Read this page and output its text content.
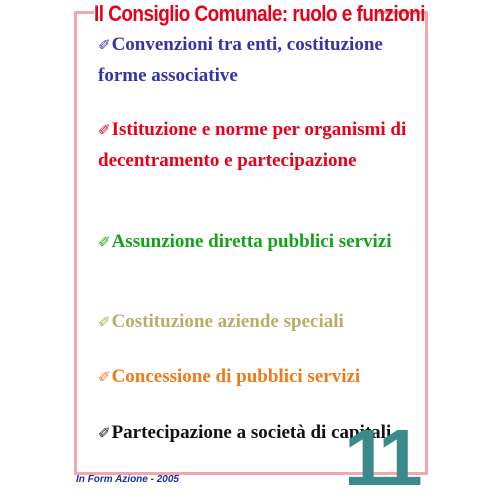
Il Consiglio Comunale: ruolo e funzioni
✐Convenzioni tra enti, costituzione forme associative
✐Istituzione e norme per organismi di decentramento e partecipazione
✐Assunzione diretta pubblici servizi
✐Costituzione aziende speciali
✐Concessione di pubblici servizi
✐Partecipazione a società di capitali
In Form Azione - 2005 11
